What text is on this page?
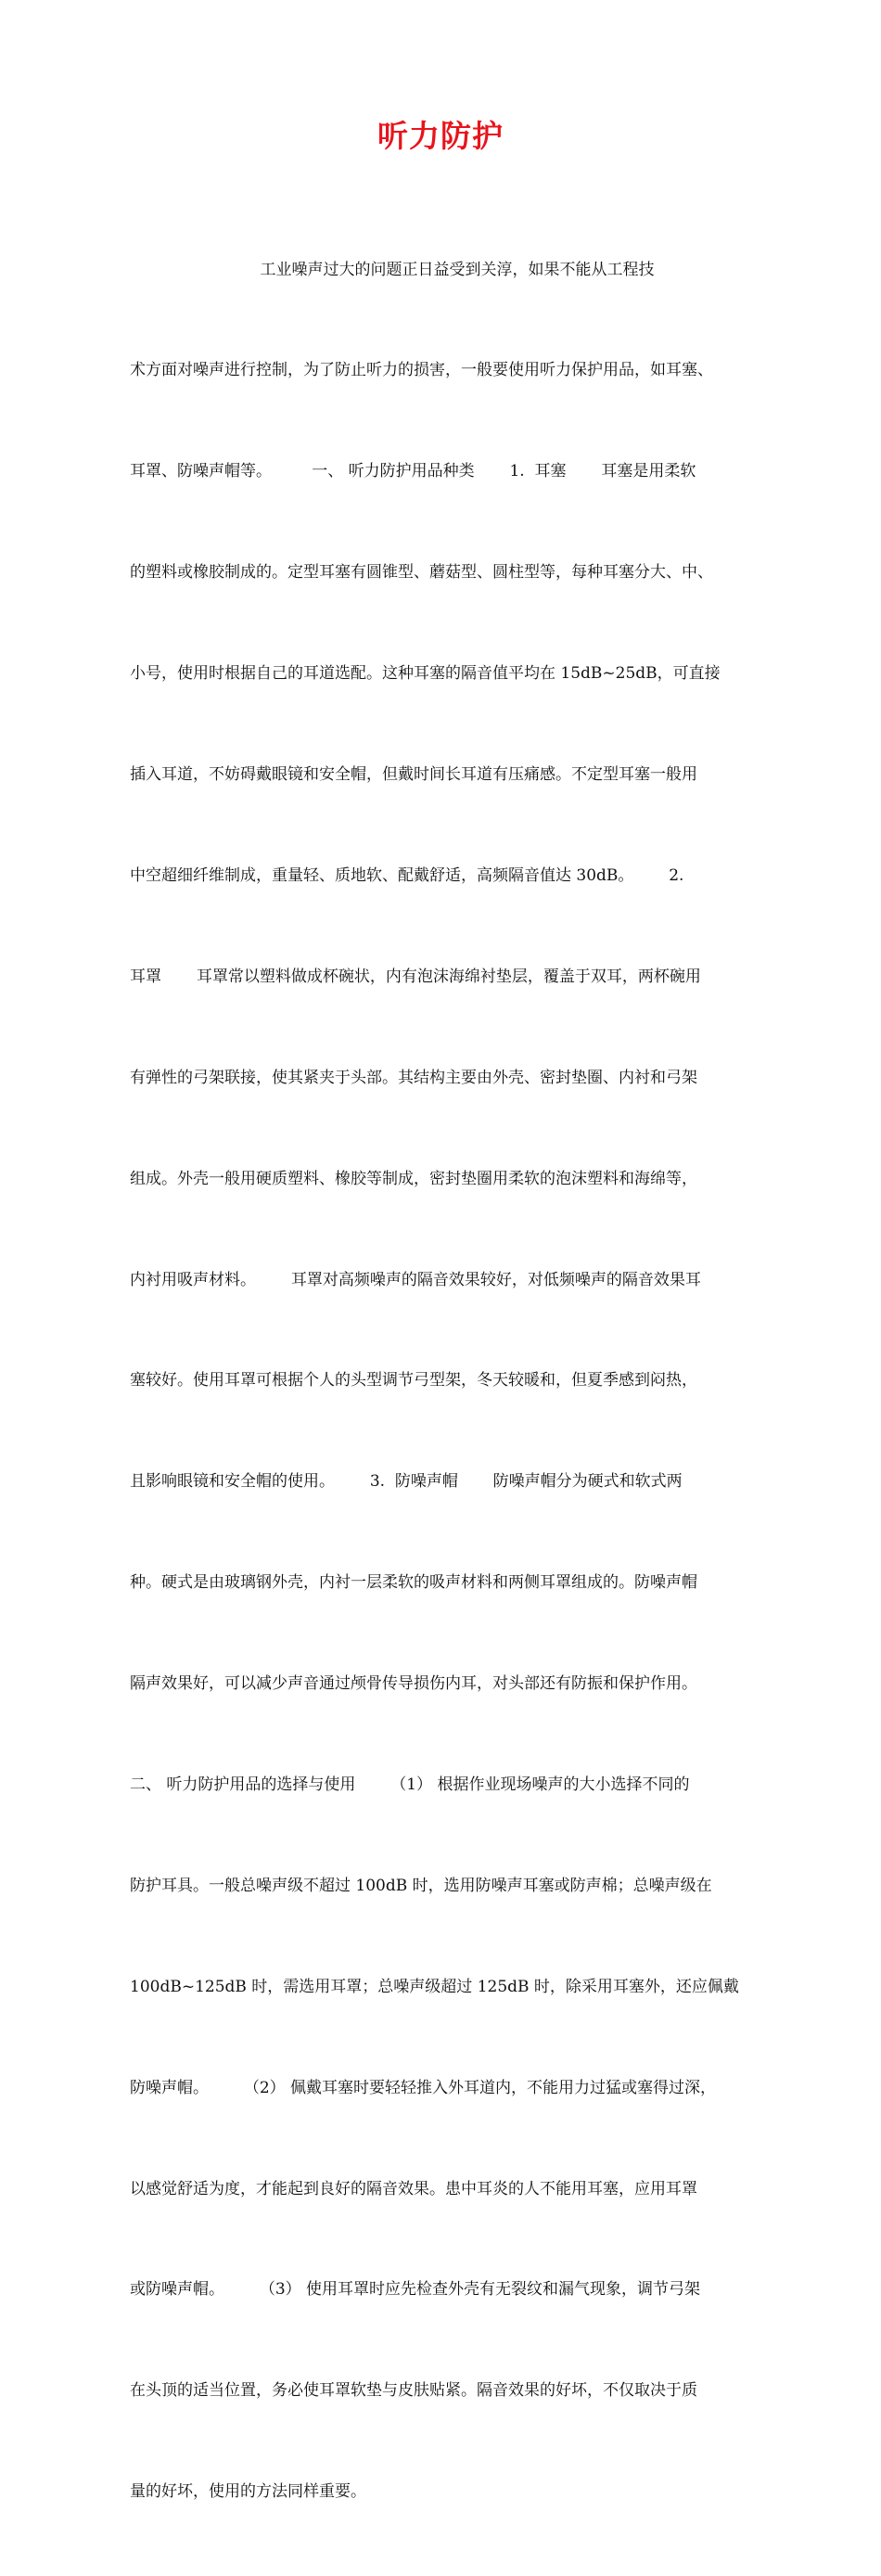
听力防护

工业噪声过大的问题正日益受到关淳，如果不能从工程技

术方面对噪声进行控制，为了防止听力的损害，一般要使用听力保护用品，如耳塞、

耳罩、防噪声帽等。        一、 听力防护用品种类       1.  耳塞       耳塞是用柔软

的塑料或橡胶制成的。定型耳塞有圆锥型、蘑菇型、圆柱型等，每种耳塞分大、中、

小号，使用时根据自己的耳道选配。这种耳塞的隔音值平均在 15dB~25dB，可直接

插入耳道，不妨碍戴眼镜和安全帽，但戴时间长耳道有压痛感。不定型耳塞一般用

中空超细纤维制成，重量轻、质地软、配戴舒适，高频隔音值达 30dB。       2.

耳罩       耳罩常以塑料做成杯碗状，内有泡沫海绵衬垫层，覆盖于双耳，两杯碗用

有弹性的弓架联接，使其紧夹于头部。其结构主要由外壳、密封垫圈、内衬和弓架

组成。外壳一般用硬质塑料、橡胶等制成，密封垫圈用柔软的泡沫塑料和海绵等，

内衬用吸声材料。       耳罩对高频噪声的隔音效果较好，对低频噪声的隔音效果耳

塞较好。使用耳罩可根据个人的头型调节弓型架，冬天较暖和，但夏季感到闷热，

且影响眼镜和安全帽的使用。       3.  防噪声帽       防噪声帽分为硬式和软式两

种。硬式是由玻璃钢外壳，内衬一层柔软的吸声材料和两侧耳罩组成的。防噪声帽

隔声效果好，可以减少声音通过颅骨传导损伤内耳，对头部还有防振和保护作用。

二、 听力防护用品的选择与使用       （1） 根据作业现场噪声的大小选择不同的

防护耳具。一般总噪声级不超过 100dB 时，选用防噪声耳塞或防声棉；总噪声级在

100dB~125dB 时，需选用耳罩；总噪声级超过 125dB 时，除采用耳塞外，还应佩戴

防噪声帽。       （2） 佩戴耳塞时要轻轻推入外耳道内，不能用力过猛或塞得过深，

以感觉舒适为度，才能起到良好的隔音效果。患中耳炎的人不能用耳塞，应用耳罩

或防噪声帽。       （3） 使用耳罩时应先检查外壳有无裂纹和漏气现象，调节弓架

在头顶的适当位置，务必使耳罩软垫与皮肤贴紧。隔音效果的好坏，不仅取决于质

量的好坏，使用的方法同样重要。
